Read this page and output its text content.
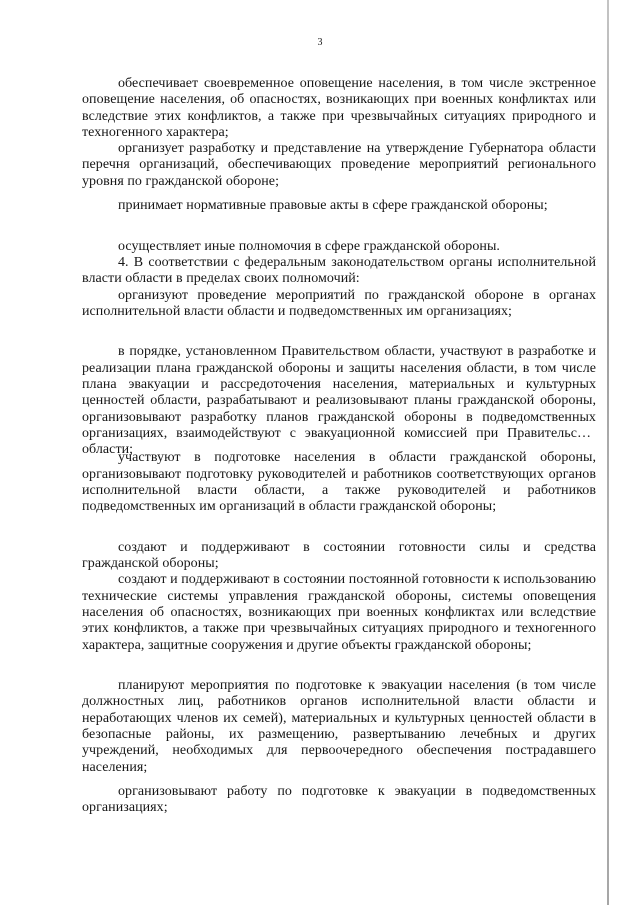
3

обеспечивает своевременное оповещение населения, в том числе экстренное оповещение населения, об опасностях, возникающих при военных конфликтах или вследствие этих конфликтов, а также при чрезвычайных ситуациях природного и техногенного характера;

организует разработку и представление на утверждение Губернатора области перечня организаций, обеспечивающих проведение мероприятий регионального уровня по гражданской обороне;

принимает нормативные правовые акты в сфере гражданской обороны;

осуществляет иные полномочия в сфере гражданской обороны.

4. В соответствии с федеральным законодательством органы исполнительной власти области в пределах своих полномочий:

организуют проведение мероприятий по гражданской обороне в органах исполнительной власти области и подведомственных им организациях;

в порядке, установленном Правительством области, участвуют в разработке и реализации плана гражданской обороны и защиты населения области, в том числе плана эвакуации и рассредоточения населения, материальных и культурных ценностей области, разрабатывают и реализовывают планы гражданской обороны, организовывают разработку планов гражданской обороны в подведомственных организациях, взаимодействуют с эвакуационной комиссией при Правительстве области;

участвуют в подготовке населения в области гражданской обороны, организовывают подготовку руководителей и работников соответствующих органов исполнительной власти области, а также руководителей и работников подведомственных им организаций в области гражданской обороны;

создают и поддерживают в состоянии готовности силы и средства гражданской обороны;

создают и поддерживают в состоянии постоянной готовности к использованию технические системы управления гражданской обороны, системы оповещения населения об опасностях, возникающих при военных конфликтах или вследствие этих конфликтов, а также при чрезвычайных ситуациях природного и техногенного характера, защитные сооружения и другие объекты гражданской обороны;

планируют мероприятия по подготовке к эвакуации населения (в том числе должностных лиц, работников органов исполнительной власти области и неработающих членов их семей), материальных и культурных ценностей области в безопасные районы, их размещению, развертыванию лечебных и других учреждений, необходимых для первоочередного обеспечения пострадавшего населения;

организовывают работу по подготовке к эвакуации в подведомственных организациях;
